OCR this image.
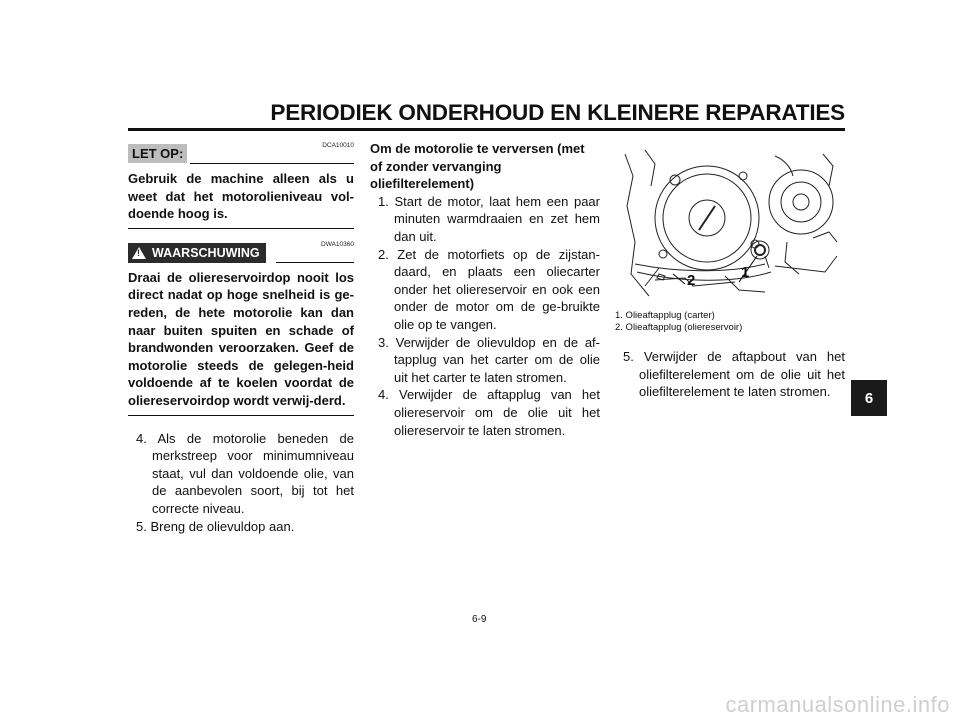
PERIODIEK ONDERHOUD EN KLEINERE REPARATIES
6
LET OP:
DCA10010

Gebruik de machine alleen als u weet dat het motorolieniveau vol-doende hoog is.

!
WAARSCHUWING
DWA10360

Draai de oliereservoirdop nooit los direct nadat op hoge snelheid is ge-reden, de hete motorolie kan dan naar buiten spuiten en schade of brandwonden veroorzaken. Geef de motorolie steeds de gelegen-heid voldoende af te koelen voordat de oliereservoirdop wordt verwij-derd.

4. Als de motorolie beneden de merkstreep voor minimumniveau staat, vul dan voldoende olie, van de aanbevolen soort, bij tot het correcte niveau.
5. Breng de olievuldop aan.
Om de motorolie te verversen (met of zonder vervanging oliefilterelement)
1. Start de motor, laat hem een paar minuten warmdraaien en zet hem dan uit.
2. Zet de motorfiets op de zijstan-daard, en plaats een oliecarter onder het oliereservoir en ook een onder de motor om de ge-bruikte olie op te vangen.
3. Verwijder de olievuldop en de af-tapplug van het carter om de olie uit het carter te laten stromen.
4. Verwijder de aftapplug van het oliereservoir om de olie uit het oliereservoir te laten stromen.
2	1
1. Olieaftapplug (carter)
2. Olieaftapplug (oliereservoir)
5. Verwijder de aftapbout van het oliefilterelement om de olie uit het oliefilterelement te laten stromen.
6-9
carmanualsonline.info
